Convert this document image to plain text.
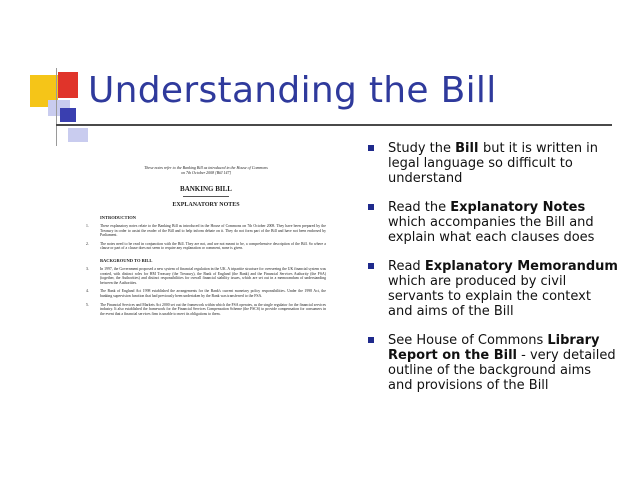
Understanding the Bill
These notes refer to the Banking Bill as introduced in the House of Commons
on 7th October 2008 [Bill 147]
BANKING BILL
EXPLANATORY NOTES
INTRODUCTION
1.	These explanatory notes relate to the Banking Bill as introduced in the House of Commons on 7th October 2008. They have been prepared by the Treasury in order to assist the reader of the Bill and to help inform debate on it. They do not form part of the Bill and have not been endorsed by Parliament.
2.	The notes need to be read in conjunction with the Bill. They are not, and are not meant to be, a comprehensive description of the Bill. So where a clause or part of a clause does not seem to require any explanation or comment, none is given.
BACKGROUND TO BILL
3.	In 1997, the Government proposed a new system of financial regulation in the UK. A tripartite structure for overseeing the UK financial system was created, with distinct roles for HM Treasury (the Treasury), the Bank of England (the Bank) and the Financial Services Authority (the FSA) (together, the Authorities) and distinct responsibilities for overall financial stability issues, which are set out in a memorandum of understanding between the Authorities.
4.	The Bank of England Act 1998 established the arrangements for the Bank's current monetary policy responsibilities. Under the 1998 Act, the banking supervision function that had previously been undertaken by the Bank was transferred to the FSA.
5.	The Financial Services and Markets Act 2000 set out the framework within which the FSA operates, as the single regulator for the financial services industry. It also established the framework for the Financial Services Compensation Scheme (the FSCS) to provide compensation for consumers in the event that a financial services firm is unable to meet its obligations to them.
Study the Bill but it is written in legal language so difficult to understand
Read the Explanatory Notes which accompanies the Bill and explain what each clauses does
Read Explanatory Memorandum which are produced by civil servants to explain the context and aims of the Bill
See House of Commons Library Report on the Bill - very detailed outline of the background aims and provisions of the Bill
